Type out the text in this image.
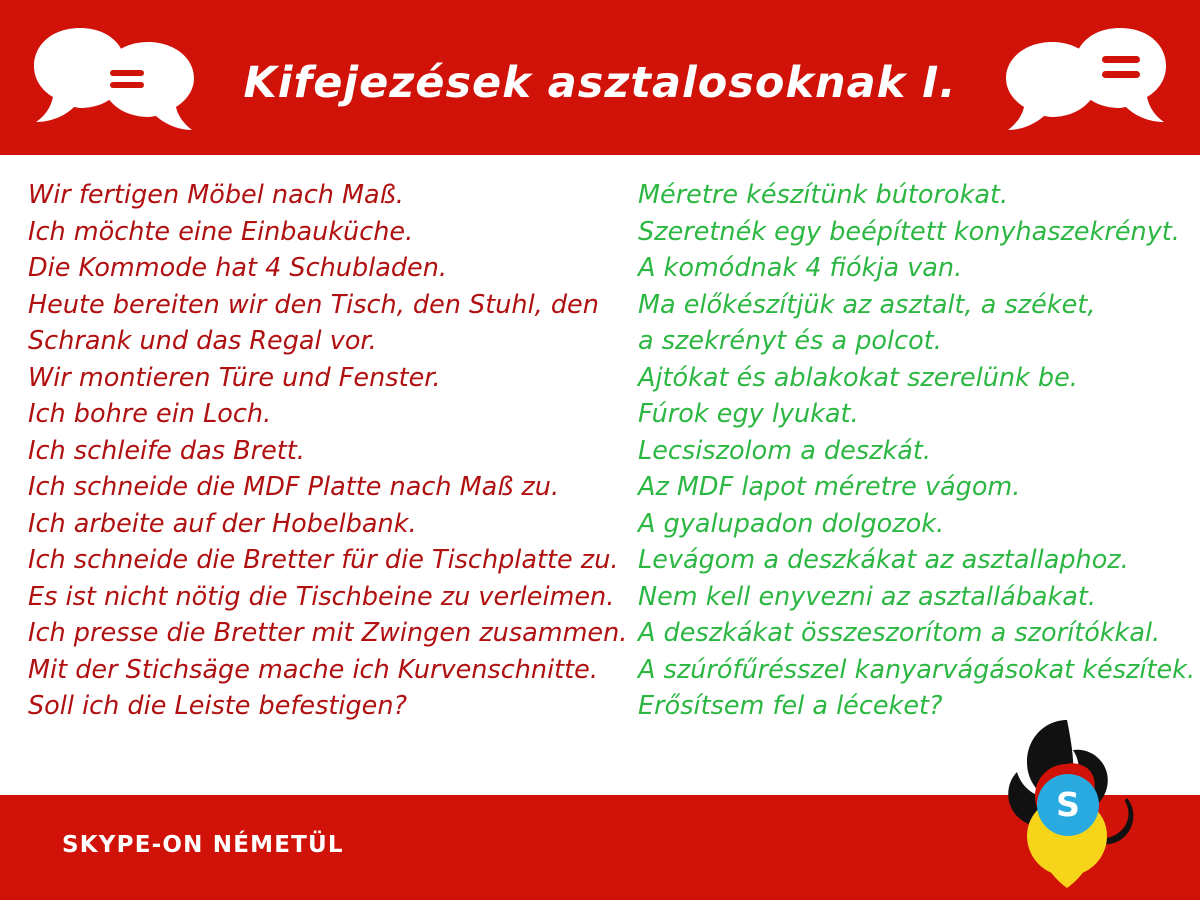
Kifejezések asztalosoknak I.
Wir fertigen Möbel nach Maß.
Ich möchte eine Einbauküche.
Die Kommode hat 4 Schubladen.
Heute bereiten wir den Tisch, den Stuhl, den
Schrank und das Regal vor.
Wir montieren Türe und Fenster.
Ich bohre ein Loch.
Ich schleife das Brett.
Ich schneide die MDF Platte nach Maß zu.
Ich arbeite auf der Hobelbank.
Ich schneide die Bretter für die Tischplatte zu.
Es ist nicht nötig die Tischbeine zu verleimen.
Ich presse die Bretter mit Zwingen zusammen.
Mit der Stichsäge mache ich Kurvenschnitte.
Soll ich die Leiste befestigen?
Méretre készítünk bútorokat.
Szeretnék egy beépített konyhaszekrényt.
A komódnak 4 fiókja van.
Ma előkészítjük az asztalt, a széket,
a szekrényt és a polcot.
Ajtókat és ablakokat szerelünk be.
Fúrok egy lyukat.
Lecsiszolom a deszkát.
Az MDF lapot méretre vágom.
A gyalupadon dolgozok.
Levágom a deszkákat az asztallaphoz.
Nem kell enyvezni az asztallábakat.
A deszkákat összeszorítom a szorítókkal.
A szúrófűrésszel kanyarvágásokat készítek.
Erősítsem fel a léceket?
SKYPE-ON NÉMETÜL
S
